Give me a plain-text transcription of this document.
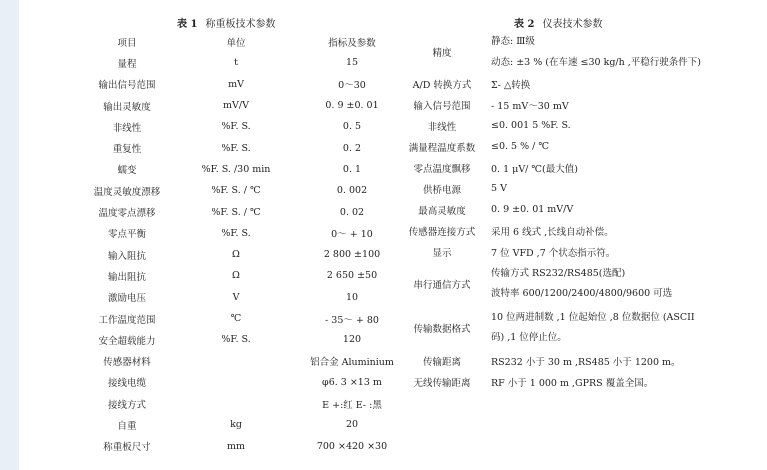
表 1 称重板技术参数	表 2 仪表技术参数
项目	单位	指标及参数
量程	t	15
输出信号范围	mV	0～30
输出灵敏度	mV/V	0. 9 ±0. 01
非线性	%F. S.	0. 5
重复性	%F. S.	0. 2
蠕变	%F. S. /30 min	0. 1
温度灵敏度漂移	%F. S. / ℃	0. 002
温度零点漂移	%F. S. / ℃	0. 02
零点平衡	%F. S.	0～ + 10
输入阻抗	Ω	2 800 ±100
输出阻抗	Ω	2 650 ±50
激励电压	V	10
工作温度范围	℃	- 35～ + 80
安全超载能力	%F. S.	120
传感器材料		铝合金 Aluminium
接线电缆		φ6. 3 ×13 m
接线方式		E +:红 E- :黑
自重	kg	20
称重板尺寸	mm	700 ×420 ×30
精度	静态: Ⅲ级
动态: ±3 % (在车速 ≤30 kg/h ,平稳行驶条件下)

A/D 转换方式	Σ- △转换
输入信号范围	- 15 mV～30 mV
非线性	≤0. 001 5 %F. S.
满量程温度系数	≤0. 5 % / ℃
零点温度飘移	0. 1 μV/ ℃(最大值)
供桥电源	5 V
最高灵敏度	0. 9 ±0. 01 mV/V
传感器连接方式	采用 6 线式 ,长线自动补偿。
显示	7 位 VFD ,7 个状态指示符。
串行通信方式	传输方式 RS232/RS485(选配)
波特率 600/1200/2400/4800/9600 可选

传输数据格式	10 位两进制数 ,1 位起始位 ,8 位数据位 (ASCII
码) ,1 位停止位。

传输距离	RS232 小于 30 m ,RS485 小于 1200 m。
无线传输距离	RF 小于 1 000 m ,GPRS 覆盖全国。
